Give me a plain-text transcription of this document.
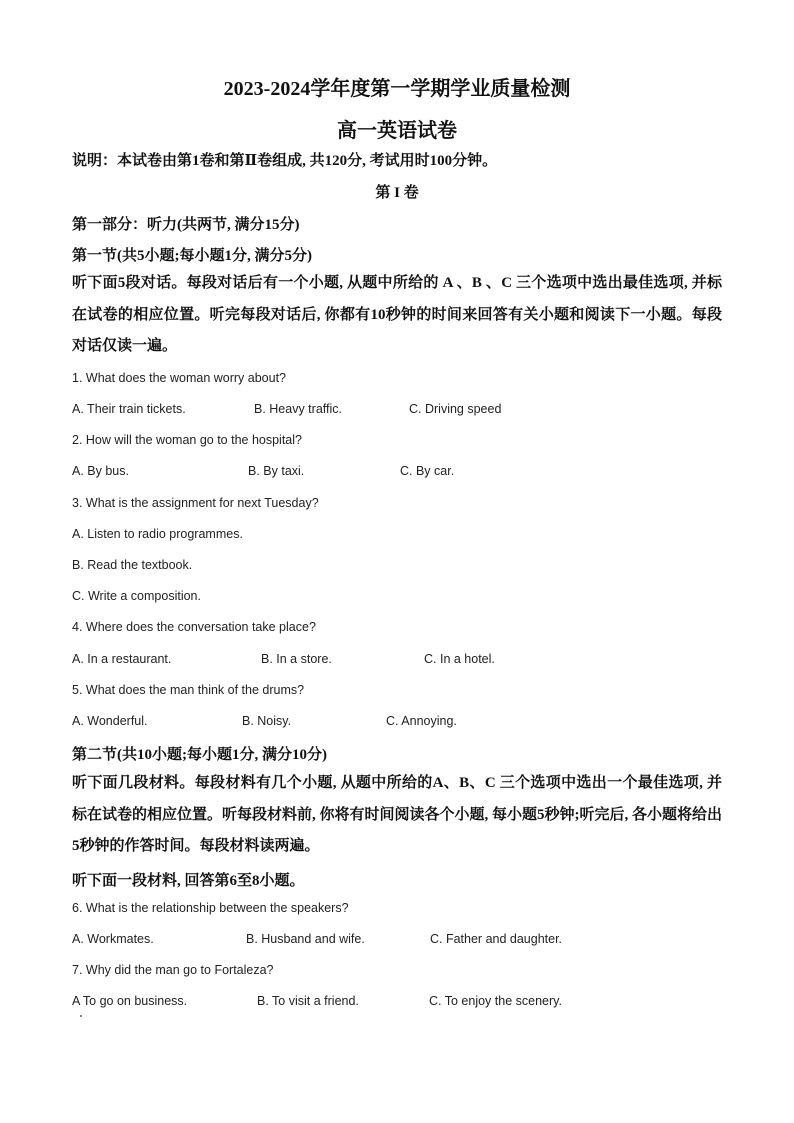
2023-2024学年度第一学期学业质量检测
高一英语试卷
说明：本试卷由第1卷和第Ⅱ卷组成, 共120分, 考试用时100分钟。
第 I 卷
第一部分：听力(共两节, 满分15分)
第一节(共5小题;每小题1分, 满分5分)
听下面5段对话。每段对话后有一个小题, 从题中所给的 A 、B 、C 三个选项中选出最佳选项, 并标在试卷的相应位置。听完每段对话后, 你都有10秒钟的时间来回答有关小题和阅读下一小题。每段对话仅读一遍。
1. What does the woman worry about?
A. Their train tickets.	B. Heavy traffic.	C. Driving speed
2. How will the woman go to the hospital?
A. By bus.	B. By taxi.	C. By car.
3. What is the assignment for next Tuesday?
A. Listen to radio programmes.
B. Read the textbook.
C. Write a composition.
4. Where does the conversation take place?
A. In a restaurant.	B. In a store.	C. In a hotel.
5. What does the man think of the drums?
A. Wonderful.	B. Noisy.	C. Annoying.
第二节(共10小题;每小题1分, 满分10分)
听下面几段材料。每段材料有几个小题, 从题中所给的A、B、C 三个选项中选出一个最佳选项, 并标在试卷的相应位置。听每段材料前, 你将有时间阅读各个小题, 每小题5秒钟;听完后, 各小题将给出5秒钟的作答时间。每段材料读两遍。
听下面一段材料, 回答第6至8小题。
6. What is the relationship between the speakers?
A. Workmates.	B. Husband and wife.	C. Father and daughter.
7. Why did the man go to Fortaleza?
A To go on business.	B. To visit a friend.	C. To enjoy the scenery.
